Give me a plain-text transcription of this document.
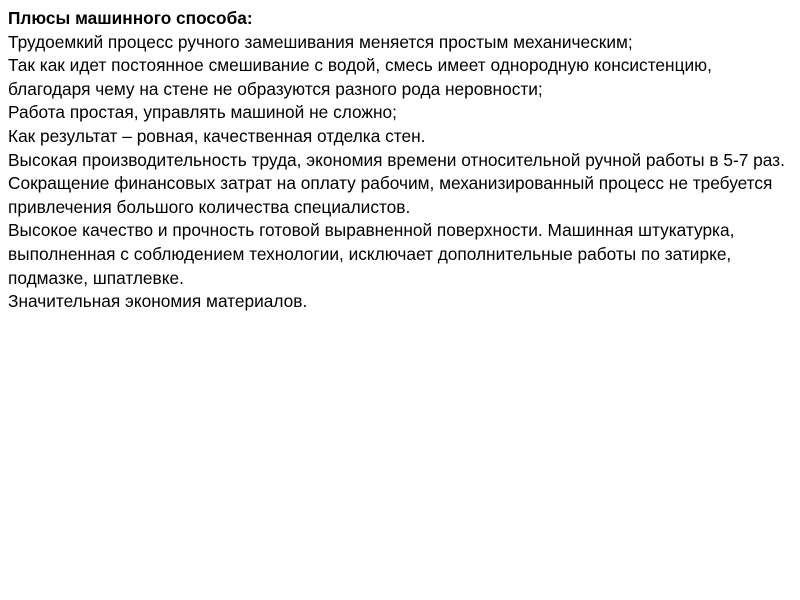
Плюсы машинного способа:

Трудоемкий процесс ручного замешивания меняется простым механическим;

Так как идет постоянное смешивание с водой, смесь имеет однородную консистенцию, благодаря чему на стене не образуются разного рода неровности;

Работа простая, управлять машиной не сложно;

Как результат – ровная, качественная отделка стен.

Высокая производительность труда, экономия времени относительной ручной работы в 5-7 раз.

Сокращение финансовых затрат на оплату рабочим, механизированный процесс не требуется привлечения большого количества специалистов.

Высокое качество и прочность готовой выравненной поверхности. Машинная штукатурка, выполненная с соблюдением технологии, исключает дополнительные работы по затирке, подмазке, шпатлевке.

Значительная экономия материалов.
